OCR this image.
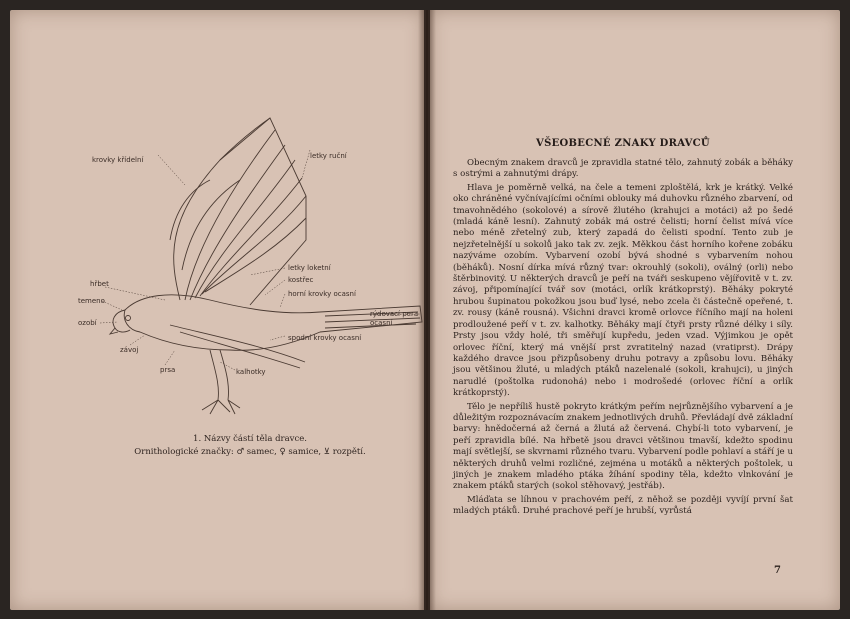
krovky křídelní	letky ruční
letky loketní
kostřec
hřbet
horní krovky ocasní
temeno
rýdovací pera ocasní
ozobí
spodní krovky ocasní
závoj
prsa	kalhotky
1. Názvy částí těla dravce.
Ornithologické značky: ♂ samec, ♀ samice, ⊻ rozpětí.
VŠEOBECNÉ ZNAKY DRAVCŮ

Obecným znakem dravců je zpravidla statné tělo, zahnutý zobák a běháky s ostrými a zahnutými drápy.

Hlava je poměrně velká, na čele a temeni zploštělá, krk je krátký. Velké oko chráněné vyčnívajícími očními oblouky má duhovku různého zbarvení, od tmavohnědého (sokolové) a sírově žlutého (krahujci a motáci) až po šedé (mladá káně lesní). Zahnutý zobák má ostré čelisti; horní čelist mívá více nebo méně zřetelný zub, který zapadá do čelisti spodní. Tento zub je nejzřetelnější u sokolů jako tak zv. zejk. Měkkou část horního kořene zobáku nazýváme ozobím. Vybarvení ozobí bývá shodné s vybarvením nohou (běháků). Nosní dírka mívá různý tvar: okrouhlý (sokoli), oválný (orli) nebo štěrbinovitý. U některých dravců je peří na tváři seskupeno vějířovitě v t. zv. závoj, připomínající tvář sov (motáci, orlík krátkoprstý). Běháky pokryté hrubou šupinatou pokožkou jsou buď lysé, nebo zcela či částečně opeřené, t. zv. rousy (káně rousná). Všichni dravci kromě orlovce říčního mají na holeni prodloužené peří v t. zv. kalhotky. Běháky mají čtyři prsty různé délky i síly. Prsty jsou vždy holé, tři směřují kupředu, jeden vzad. Výjimkou je opět orlovec říční, který má vnější prst zvratitelný nazad (vratiprst). Drápy každého dravce jsou přizpůsobeny druhu potravy a způsobu lovu. Běháky jsou většinou žluté, u mladých ptáků nazelenalé (sokoli, krahujci), u jiných narudlé (poštolka rudonohá) nebo i modrošedé (orlovec říční a orlík krátkoprstý).

Tělo je nepříliš hustě pokryto krátkým peřím nejrůznějšího vybarvení a je důležitým rozpoznávacím znakem jednotlivých druhů. Převládají dvě základní barvy: hnědočerná až černá a žlutá až červená. Chybí-li toto vybarvení, je peří zpravidla bílé. Na hřbetě jsou dravci většinou tmavší, kdežto spodinu mají světlejší, se skvrnami různého tvaru. Vybarvení podle pohlaví a stáří je u některých druhů velmi rozličné, zejména u motáků a některých poštolek, u jiných je znakem mladého ptáka žíhání spodiny těla, kdežto vlnkování je znakem ptáků starých (sokol stěhovavý, jestřáb).

Mláďata se líhnou v prachovém peří, z něhož se později vyvíjí první šat mladých ptáků. Druhé prachové peří je hrubší, vyrůstá

7
